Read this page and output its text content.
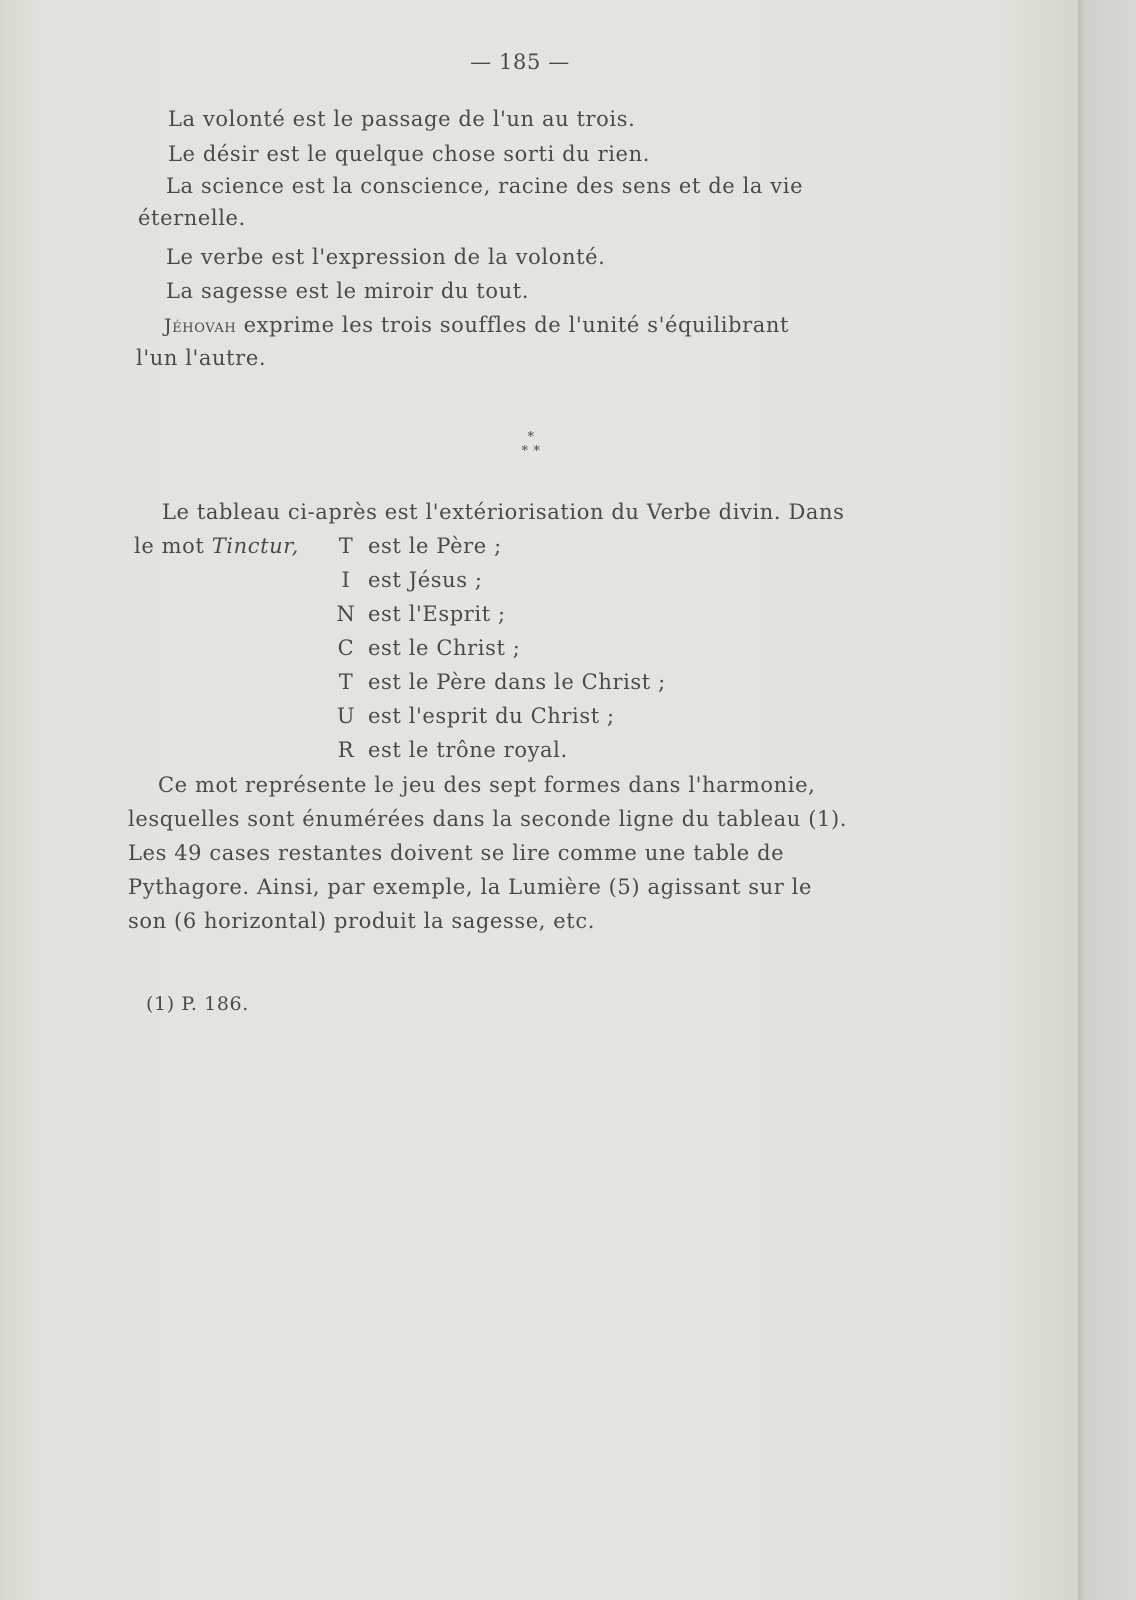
— 185 —
La volonté est le passage de l'un au trois.
Le désir est le quelque chose sorti du rien.
La science est la conscience, racine des sens et de la vie
éternelle.
Le verbe est l'expression de la volonté.
La sagesse est le miroir du tout.
Jéhovah exprime les trois souffles de l'unité s'équilibrant
l'un l'autre.
*
* *
Le tableau ci-après est l'extériorisation du Verbe divin. Dans
le mot Tinctur, T est le Père ;
I est Jésus ;
N est l'Esprit ;
C est le Christ ;
T est le Père dans le Christ ;
U est l'esprit du Christ ;
R est le trône royal.
Ce mot représente le jeu des sept formes dans l'harmonie,
lesquelles sont énumérées dans la seconde ligne du tableau (1).
Les 49 cases restantes doivent se lire comme une table de
Pythagore. Ainsi, par exemple, la Lumière (5) agissant sur le
son (6 horizontal) produit la sagesse, etc.
(1) P. 186.
